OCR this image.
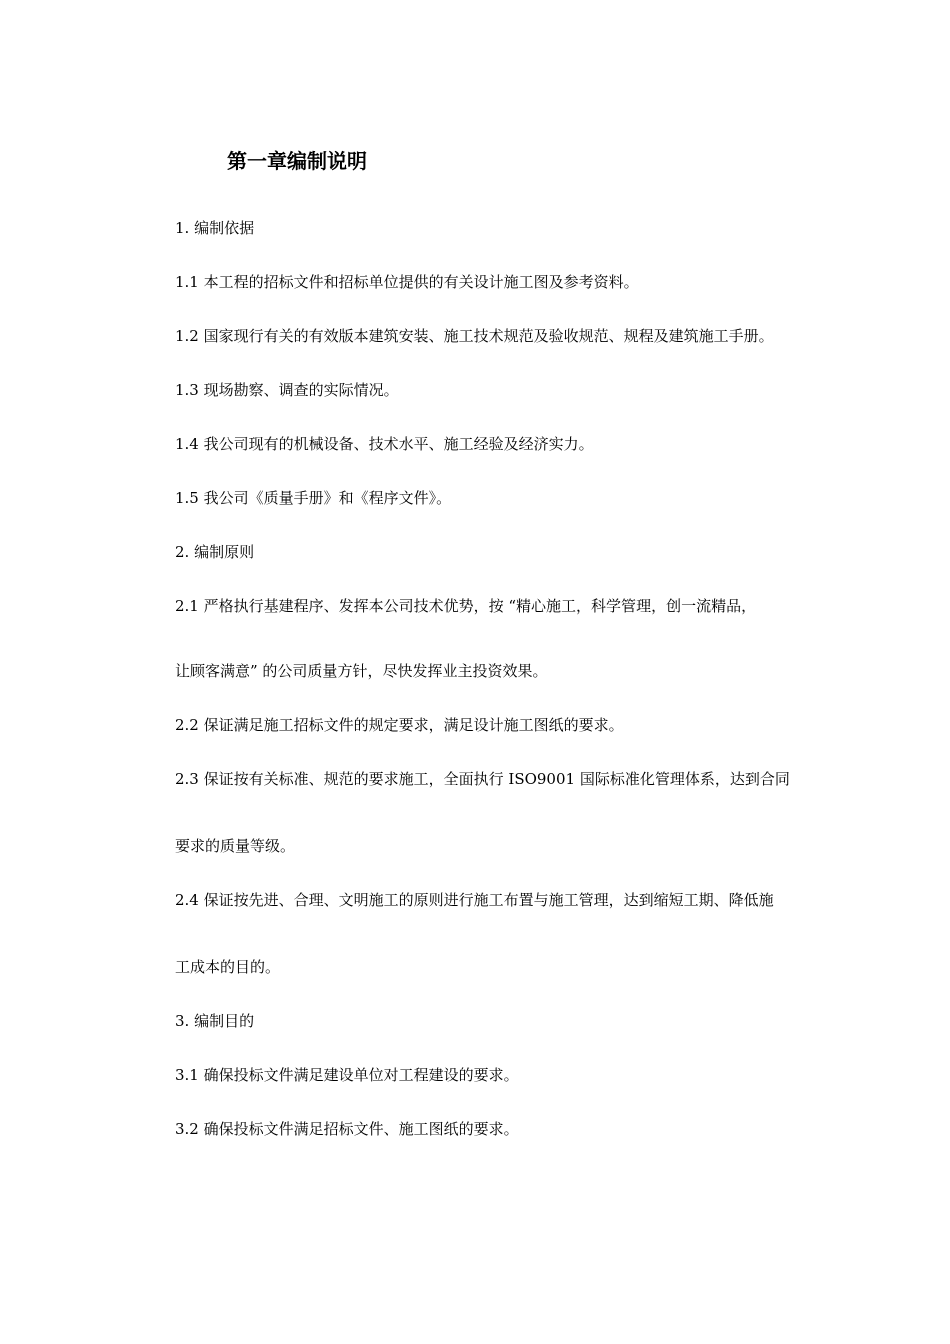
第一章编制说明

1. 编制依据

1.1 本工程的招标文件和招标单位提供的有关设计施工图及参考资料。

1.2 国家现行有关的有效版本建筑安装、施工技术规范及验收规范、规程及建筑施工手册。

1.3 现场勘察、调查的实际情况。

1.4 我公司现有的机械设备、技术水平、施工经验及经济实力。

1.5 我公司《质量手册》和《程序文件》。

2. 编制原则

2.1 严格执行基建程序、发挥本公司技术优势，按 “精心施工，科学管理，创一流精品，

让顾客满意” 的公司质量方针，尽快发挥业主投资效果。

2.2 保证满足施工招标文件的规定要求，满足设计施工图纸的要求。

2.3 保证按有关标准、规范的要求施工，全面执行 ISO9001 国际标准化管理体系，达到合同

要求的质量等级。

2.4 保证按先进、合理、文明施工的原则进行施工布置与施工管理，达到缩短工期、降低施

工成本的目的。

3. 编制目的

3.1 确保投标文件满足建设单位对工程建设的要求。

3.2 确保投标文件满足招标文件、施工图纸的要求。
